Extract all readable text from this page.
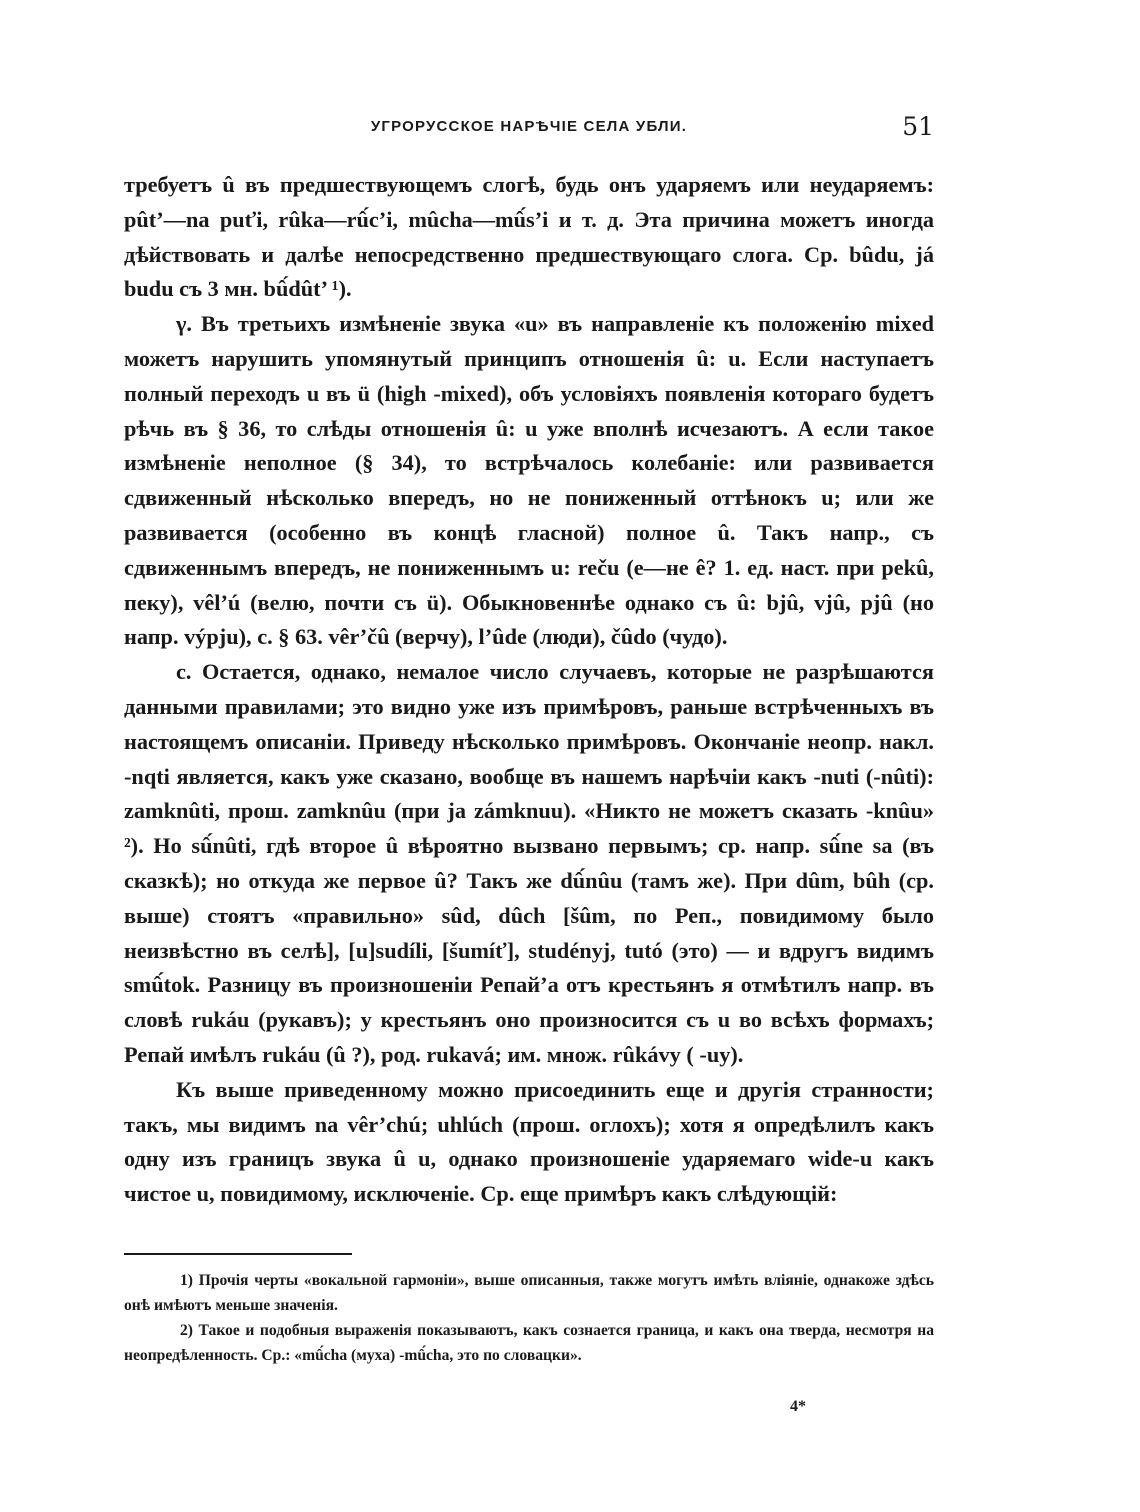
УГРОРУССКОЕ НАРѢЧІЕ СЕЛА УБЛИ.	51

требуетъ û въ предшествующемъ слогѣ, будь онъ ударяемъ или неударяемъ: pût’—na puťi, rûka—rû́c’i, mûcha—mû́s’i и т. д. Эта причина можетъ иногда дѣйствовать и далѣе непосредственно предшествующаго слога. Ср. bûdu, já budu съ 3 мн. bû́dût’ ¹).

γ. Въ третьихъ измѣненіе звука «u» въ направленіе къ положенію mixed можетъ нарушить упомянутый принципъ отношенія û: u. Если наступаетъ полный переходъ u въ ü (high -mixed), объ условіяхъ появленія котораго будетъ рѣчь въ § 36, то слѣды отношенія û: u уже вполнѣ исчезаютъ. А если такое измѣненіе неполное (§ 34), то встрѣчалось колебаніе: или развивается сдвиженный нѣсколько впередъ, но не пониженный оттѣнокъ u; или же развивается (особенно въ концѣ гласной) полное û. Такъ напр., съ сдвиженнымъ впередъ, не пониженнымъ u: reču (e—не ê? 1. ед. наст. при pekû, пеку), vêl’ú (велю, почти съ ü). Обыкновеннѣе однако съ û: bjû, vjû, pjû (но напр. výpju), c. § 63. vêr’čû (верчу), l’ûde (люди), čûdo (чудо).

c. Остается, однако, немалое число случаевъ, которые не разрѣшаются данными правилами; это видно уже изъ примѣровъ, раньше встрѣченныхъ въ настоящемъ описаніи. Приведу нѣсколько примѣровъ. Окончаніе неопр. накл. -nqti является, какъ уже сказано, вообще въ нашемъ нарѣчіи какъ -nuti (-nûti): zamknûti, прош. zamknûu (при ja zámknuu). «Никто не можетъ сказать -knûu» ²). Но sû́nûti, гдѣ второе û вѣроятно вызвано первымъ; ср. напр. sû́ne sa (въ сказкѣ); но откуда же первое û? Такъ же dû́nûu (тамъ же). При dûm, bûh (ср. выше) стоятъ «правильно» sûd, dûch [šûm, по Реп., повидимому было неизвѣстно въ селѣ], [u]sudíli, [šumíť], studényj, tutó (это) — и вдругъ видимъ smû́tok. Разницу въ произношеніи Репай’а отъ крестьянъ я отмѣтилъ напр. въ словѣ rukáu (рукавъ); у крестьянъ оно произносится съ u во всѣхъ формахъ; Репай имѣлъ rukáu (û ?), род. rukavá; им. множ. rûkávy ( -uy).

Къ выше приведенному можно присоединить еще и другія странности; такъ, мы видимъ na vêr’chú; uhlúch (прош. оглохъ); хотя я опредѣлилъ какъ одну изъ границъ звука û u, однако произношеніе ударяемаго wide-u какъ чистое u, повидимому, исключеніе. Ср. еще примѣръ какъ слѣдующій:

1) Прочія черты «вокальной гармоніи», выше описанныя, также могутъ имѣть вліяніе, однакоже здѣсь онѣ имѣютъ меньше значенія.

2) Такое и подобныя выраженія показываютъ, какъ сознается граница, и какъ она тверда, несмотря на неопредѣленность. Ср.: «mû́cha (муха) -mû́cha, это по словацки».

4*
